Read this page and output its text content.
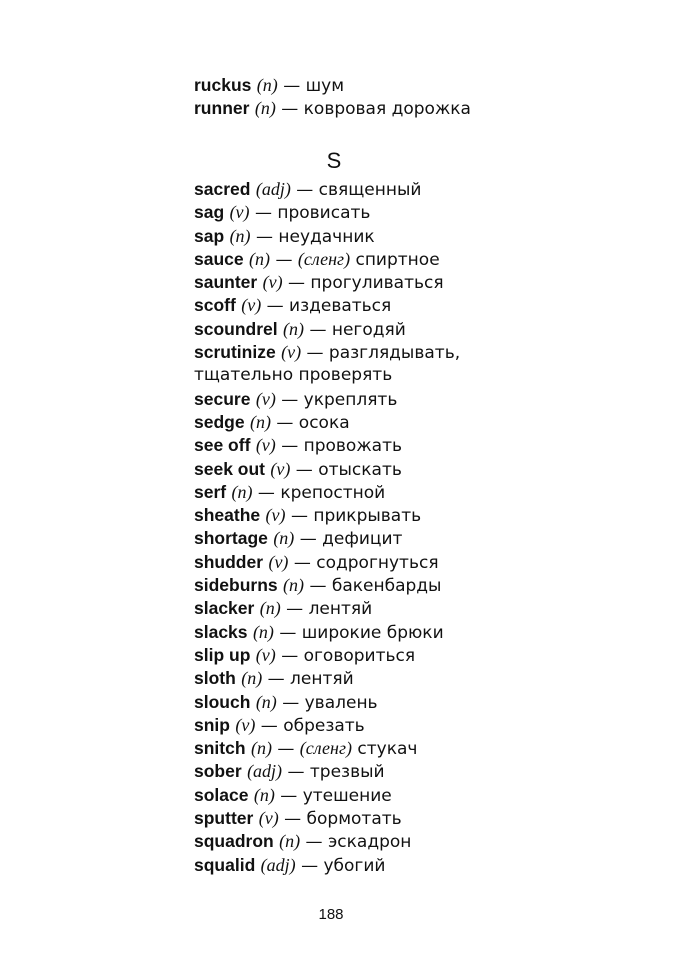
ruckus (n) — шум
runner (n) — ковровая дорожка
S
sacred (adj) — священный
sag (v) — провисать
sap (n) — неудачник
sauce (n) — (сленг) спиртное
saunter (v) — прогуливаться
scoff (v) — издеваться
scoundrel (n) — негодяй
scrutinize (v) — разглядывать,
тщательно проверять
secure (v) — укреплять
sedge (n) — осока
see off (v) — провожать
seek out (v) — отыскать
serf (n) — крепостной
sheathe (v) — прикрывать
shortage (n) — дефицит
shudder (v) — содрогнуться
sideburns (n) — бакенбарды
slacker (n) — лентяй
slacks (n) — широкие брюки
slip up (v) — оговориться
sloth (n) — лентяй
slouch (n) — увалень
snip (v) — обрезать
snitch (n) — (сленг) стукач
sober (adj) — трезвый
solace (n) — утешение
sputter (v) — бормотать
squadron (n) — эскадрон
squalid (adj) — убогий
188
